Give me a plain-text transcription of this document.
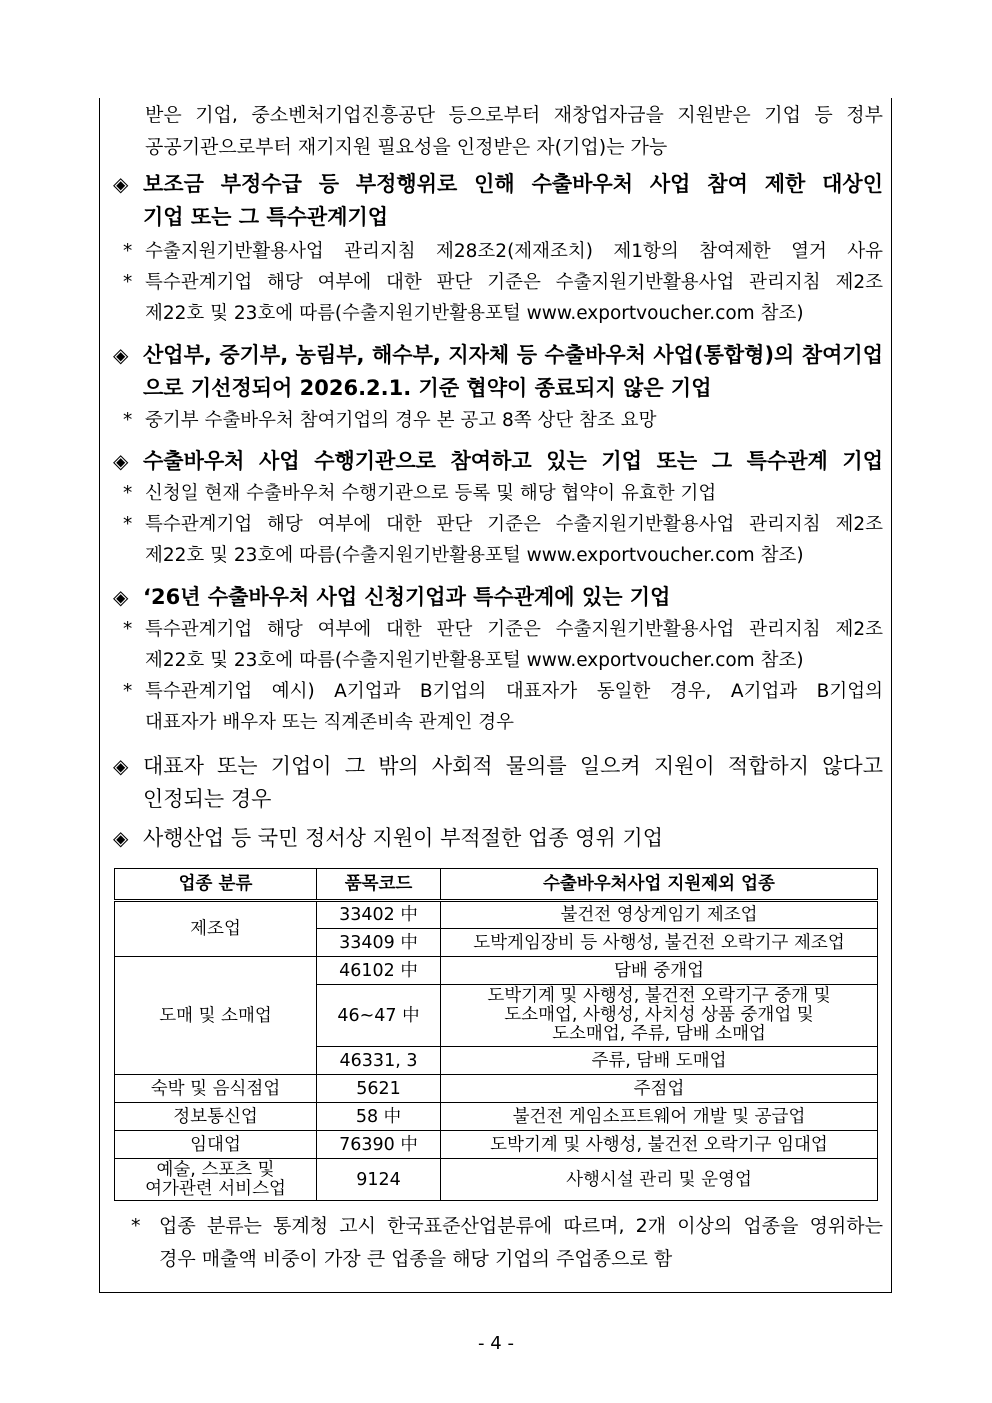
받은 기업, 중소벤처기업진흥공단 등으로부터 재창업자금을 지원받은 기업 등 정부
공공기관으로부터 재기지원 필요성을 인정받은 자(기업)는 가능
◈ 보조금 부정수급 등 부정행위로 인해 수출바우처 사업 참여 제한 대상인
기업 또는 그 특수관계기업
* 수출지원기반활용사업 관리지침 제28조2(제재조치) 제1항의 참여제한 열거 사유
* 특수관계기업 해당 여부에 대한 판단 기준은 수출지원기반활용사업 관리지침 제2조
제22호 및 23호에 따름(수출지원기반활용포털 www.exportvoucher.com 참조)
◈ 산업부, 중기부, 농림부, 해수부, 지자체 등 수출바우처 사업(통합형)의 참여기업
으로 기선정되어 2026.2.1. 기준 협약이 종료되지 않은 기업
* 중기부 수출바우처 참여기업의 경우 본 공고 8쪽 상단 참조 요망
◈ 수출바우처 사업 수행기관으로 참여하고 있는 기업 또는 그 특수관계 기업
* 신청일 현재 수출바우처 수행기관으로 등록 및 해당 협약이 유효한 기업
* 특수관계기업 해당 여부에 대한 판단 기준은 수출지원기반활용사업 관리지침 제2조
제22호 및 23호에 따름(수출지원기반활용포털 www.exportvoucher.com 참조)
◈ ‘26년 수출바우처 사업 신청기업과 특수관계에 있는 기업
* 특수관계기업 해당 여부에 대한 판단 기준은 수출지원기반활용사업 관리지침 제2조
제22호 및 23호에 따름(수출지원기반활용포털 www.exportvoucher.com 참조)
* 특수관계기업 예시) A기업과 B기업의 대표자가 동일한 경우, A기업과 B기업의
대표자가 배우자 또는 직계존비속 관계인 경우
◈ 대표자 또는 기업이 그 밖의 사회적 물의를 일으켜 지원이 적합하지 않다고
인정되는 경우
◈ 사행산업 등 국민 정서상 지원이 부적절한 업종 영위 기업
업종 분류	품목코드	수출바우처사업 지원제외 업종
제조업	33402 中	불건전 영상게임기 제조업
	33409 中	도박게임장비 등 사행성, 불건전 오락기구 제조업
도매 및 소매업	46102 中	담배 중개업
	46~47 中	도박기계 및 사행성, 불건전 오락기구 중개 및
도소매업, 사행성, 사치성 상품 중개업 및
도소매업, 주류, 담배 소매업

	46331, 3	주류, 담배 도매업
숙박 및 음식점업	5621	주점업
정보통신업	58 中	불건전 게임소프트웨어 개발 및 공급업
임대업	76390 中	도박기계 및 사행성, 불건전 오락기구 임대업

예술, 스포츠 및
여가관련 서비스업	9124	사행시설 관리 및 운영업
* 업종 분류는 통계청 고시 한국표준산업분류에 따르며, 2개 이상의 업종을 영위하는
경우 매출액 비중이 가장 큰 업종을 해당 기업의 주업종으로 함
- 4 -
